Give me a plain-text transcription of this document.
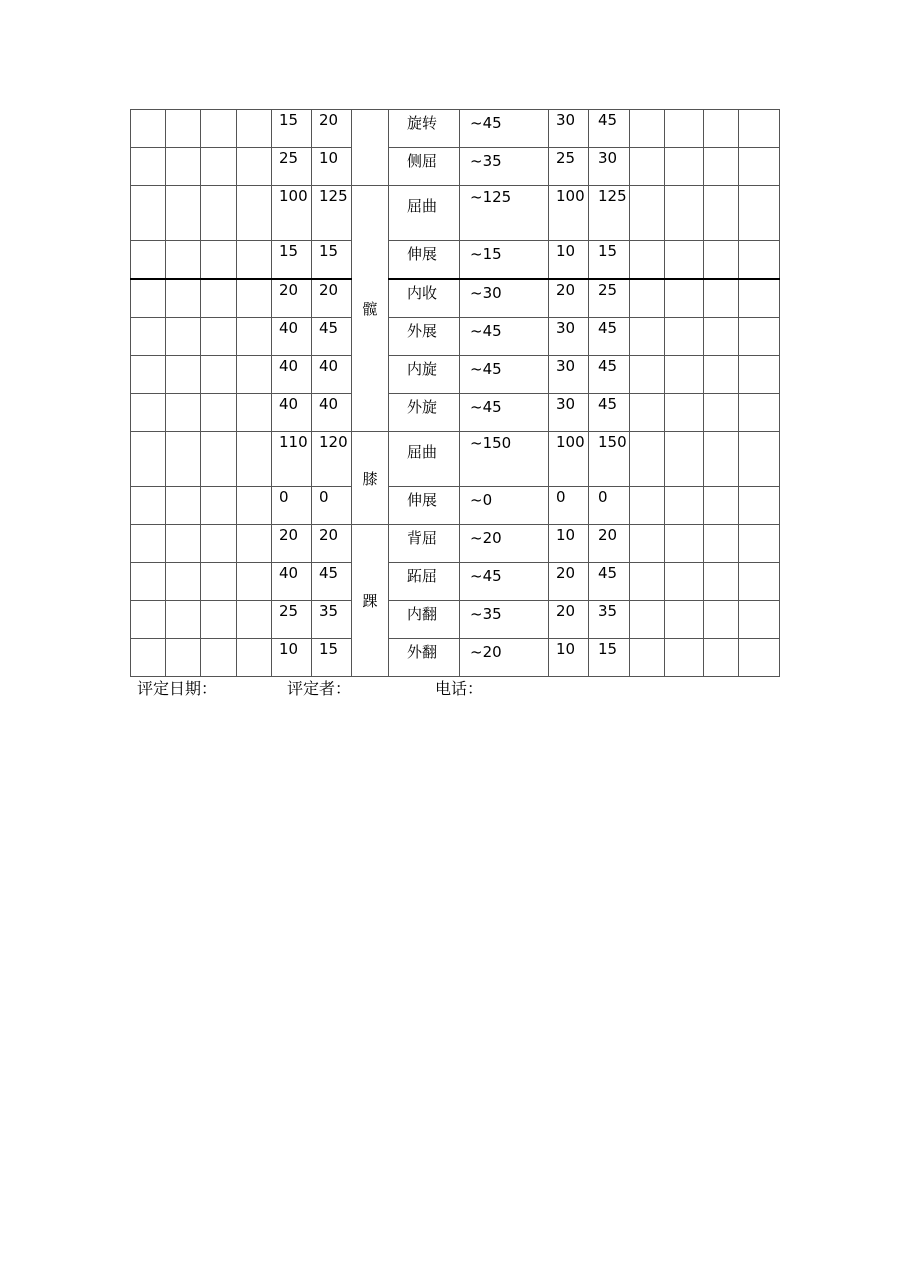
				15	20		旋转	~45	30	45				

				25	10		侧屈	~35	25	30				

				100	125	髋	屈曲	~125	100	125				

				15	15		伸展	~15	10	15				

				20	20		内收	~30	20	25				

				40	45		外展	~45	30	45				

				40	40		内旋	~45	30	45				

				40	40		外旋	~45	30	45				

				110	120	膝	屈曲	~150	100	150				

				0	0		伸展	~0	0	0				

				20	20	踝	背屈	~20	10	20				

				40	45		跖屈	~45	20	45				

				25	35		内翻	~35	20	35				

				10	15		外翻	~20	10	15				

评定日期：	评定者：	电话：
